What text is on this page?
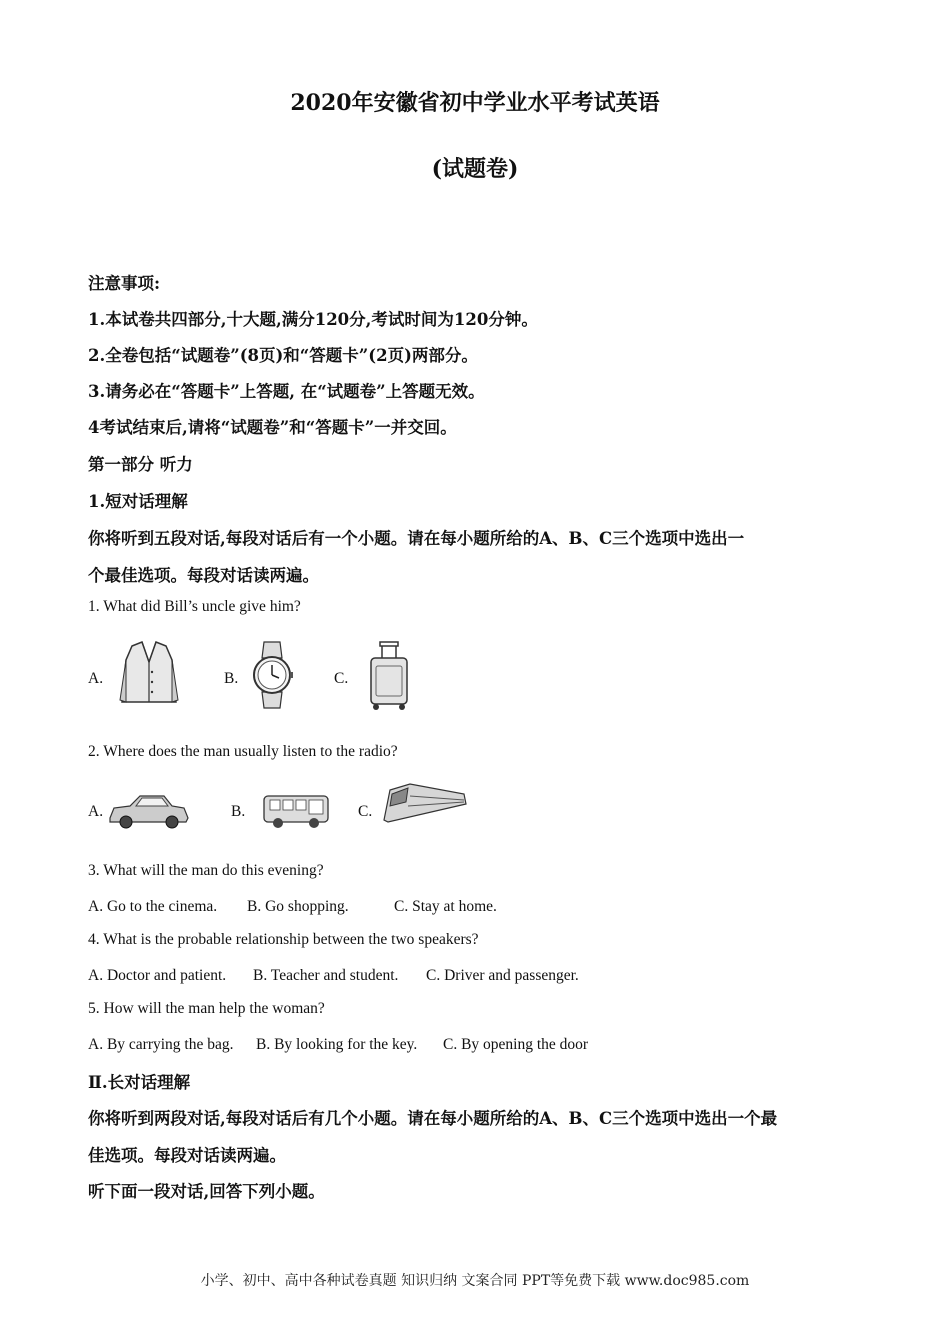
2020年安徽省初中学业水平考试英语
(试题卷)
注意事项:
1.本试卷共四部分,十大题,满分120分,考试时间为120分钟。
2.全卷包括“试题卷”(8页)和“答题卡”(2页)两部分。
3.请务必在“答题卡”上答题, 在“试题卷”上答题无效。
4考试结束后,请将“试题卷”和“答题卡”一并交回。
第一部分 听力
1.短对话理解
你将听到五段对话,每段对话后有一个小题。请在每小题所给的A、B、C三个选项中选出一
个最佳选项。每段对话读两遍。
1. What did Bill’s uncle give him?
A.	B.	C.
2. Where does the man usually listen to the radio?
A.	B.	C.
3. What will the man do this evening?
A. Go to the cinema. B. Go shopping.	C. Stay at home.
4. What is the probable relationship between the two speakers?
A. Doctor and patient. B. Teacher and student. C. Driver and passenger.
5. How will the man help the woman?
A. By carrying the bag. B. By looking for the key. C. By opening the door
Ⅱ.长对话理解
你将听到两段对话,每段对话后有几个小题。请在每小题所给的A、B、C三个选项中选出一个最
佳选项。每段对话读两遍。
听下面一段对话,回答下列小题。
小学、初中、高中各种试卷真题 知识归纳 文案合同 PPT等免费下载 www.doc985.com
